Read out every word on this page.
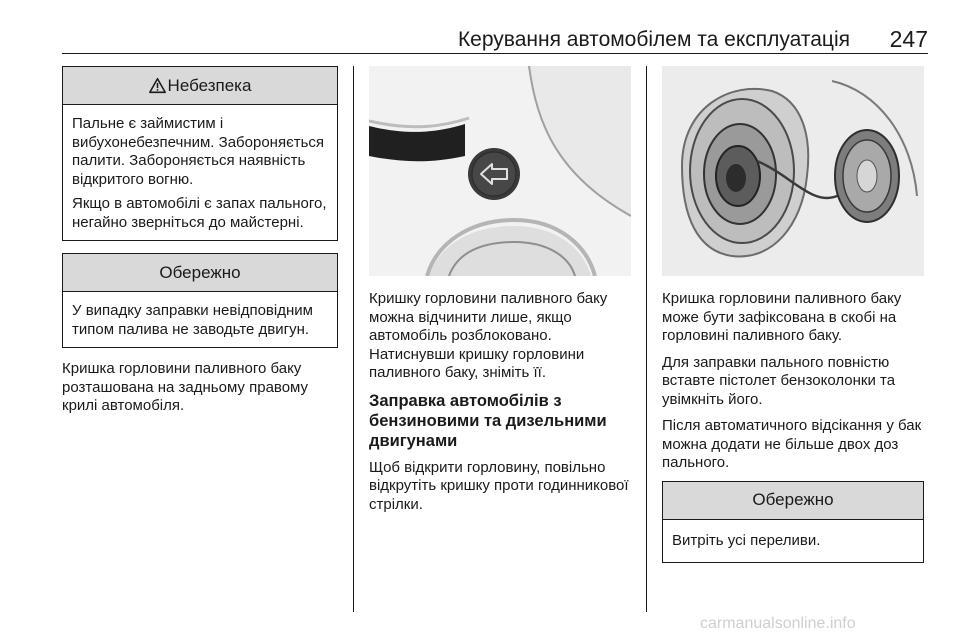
Керування автомобілем та експлуатація 247
Небезпека

Пальне є займистим і вибухонебезпечним. Забороняється палити. Забороняється наявність відкритого вогню.

Якщо в автомобілі є запах пального, негайно зверніться до майстерні.

Обережно

У випадку заправки невідповідним типом палива не заводьте двигун.

Кришка горловини паливного баку розташована на задньому правому крилі автомобіля.

Кришку горловини паливного баку можна відчинити лише, якщо автомобіль розблоковано. Натиснувши кришку горловини паливного баку, зніміть її.

Заправка автомобілів з бензиновими та дизельними двигунами

Щоб відкрити горловину, повільно відкрутіть кришку проти годинникової стрілки.

Кришка горловини паливного баку може бути зафіксована в скобі на горловині паливного баку.

Для заправки пального повністю вставте пістолет бензоколонки та увімкніть його.

Після автоматичного відсікання у бак можна додати не більше двох доз пального.

Обережно

Витріть усі переливи.

carmanualsonline.info
